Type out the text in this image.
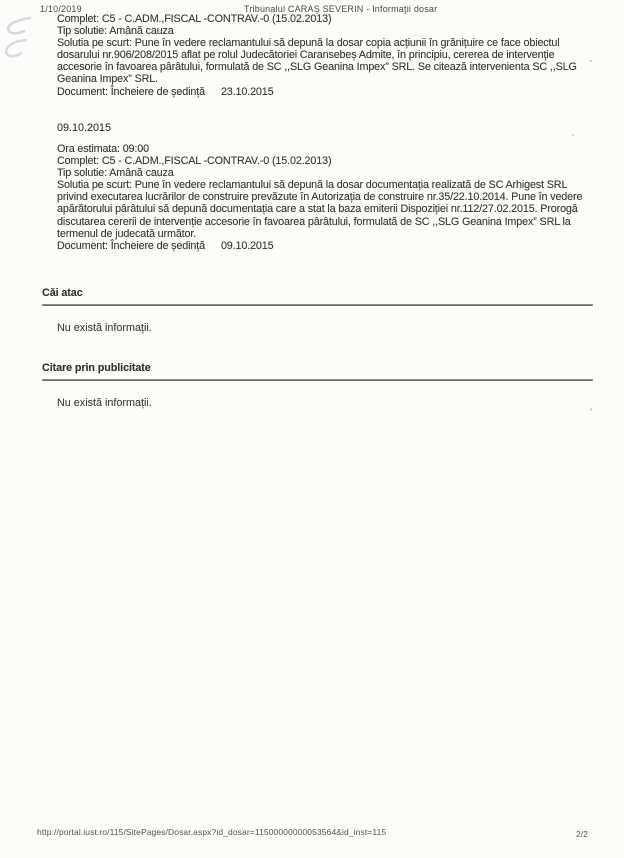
1/10/2019	Tribunalul CARAŞ SEVERIN - Informaţii dosar
Complet: C5 - C.ADM.,FISCAL -CONTRAV.-0 (15.02.2013)
Tip solutie: Amână cauza
Solutia pe scurt: Pune în vedere reclamantului să depună la dosar copia acțiunii în grănițuire ce face obiectul dosarului nr.906/208/2015 aflat pe rolul Judecătoriei Caransebeș Admite, în principiu, cererea de intervenție accesorie în favoarea pârâtului, formulată de SC ,,SLG Geanina Impex” SRL. Se citează intervenienta SC ,,SLG Geanina Impex” SRL.
Document: Încheiere de ședință 23.10.2015
09.10.2015
Ora estimata: 09:00
Complet: C5 - C.ADM.,FISCAL -CONTRAV.-0 (15.02.2013)
Tip solutie: Amână cauza
Solutia pe scurt: Pune în vedere reclamantului să depună la dosar documentația realizată de SC Arhigest SRL privind executarea lucrărilor de construire prevăzute în Autorizația de construire nr.35/22.10.2014. Pune în vedere apărătorului pârâtului să depună documentația care a stat la baza emiterii Dispoziției nr.112/27.02.2015. Prorogă discutarea cererii de intervenție accesorie în favoarea pârâtului, formulată de SC ,,SLG Geanina Impex” SRL la termenul de judecată următor.
Document: Încheiere de ședință 09.10.2015
Căi atac
Nu există informații.
Citare prin publicitate
Nu există informații.
http://portal.iust.ro/115/SitePages/Dosar.aspx?id_dosar=11500000000053564&id_inst=115	2/2
